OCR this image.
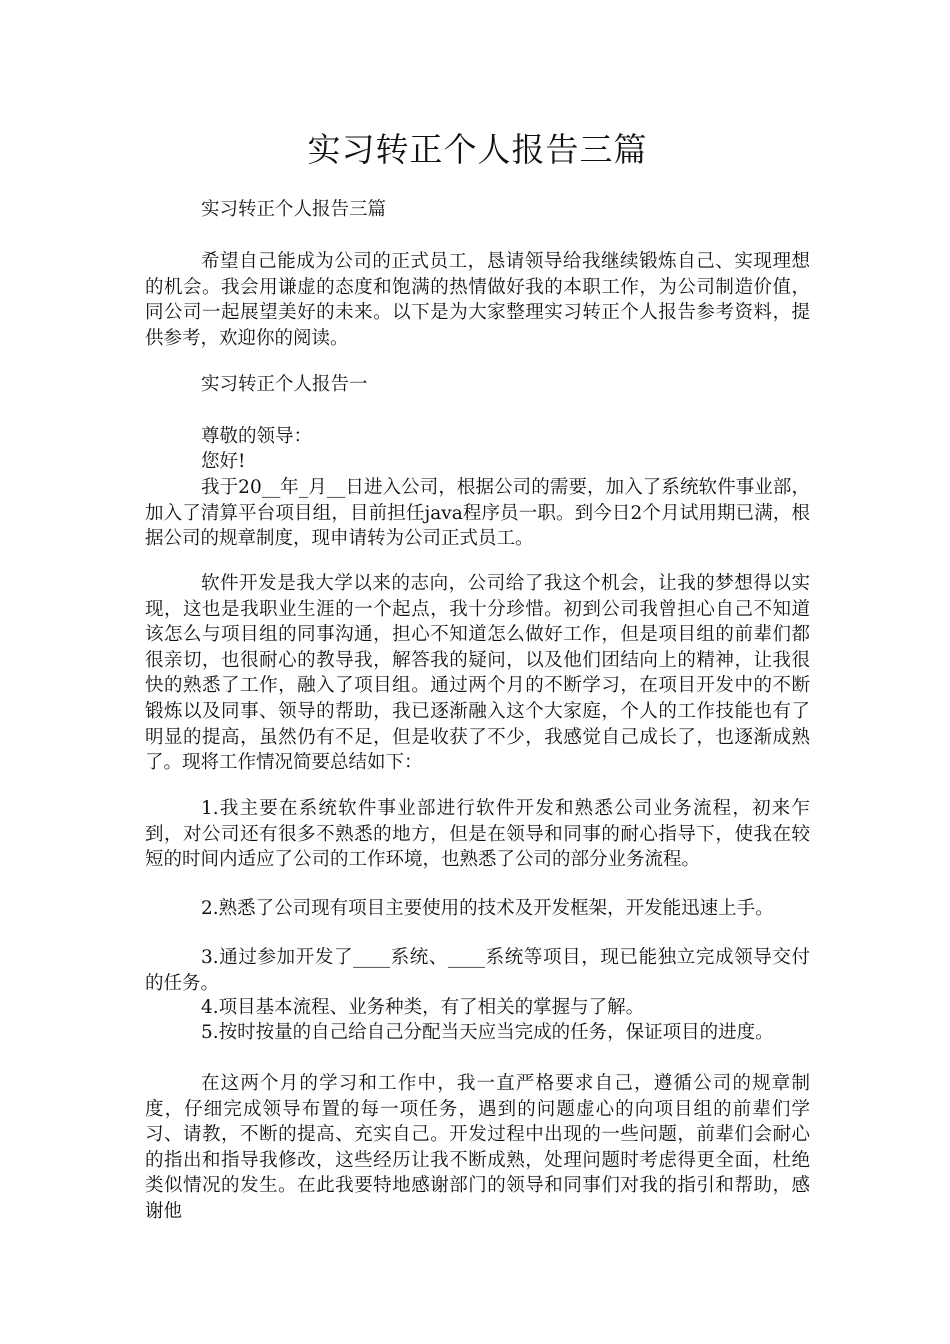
实习转正个人报告三篇

实习转正个人报告三篇

希望自己能成为公司的正式员工，恳请领导给我继续锻炼自己、实现理想的机会。我会用谦虚的态度和饱满的热情做好我的本职工作，为公司制造价值，同公司一起展望美好的未来。以下是为大家整理实习转正个人报告参考资料，提供参考，欢迎你的阅读。

实习转正个人报告一

尊敬的领导：

您好!

我于20__年_月__日进入公司，根据公司的需要，加入了系统软件事业部，加入了清算平台项目组，目前担任java程序员一职。到今日2个月试用期已满，根据公司的规章制度，现申请转为公司正式员工。

软件开发是我大学以来的志向，公司给了我这个机会，让我的梦想得以实现，这也是我职业生涯的一个起点，我十分珍惜。初到公司我曾担心自己不知道该怎么与项目组的同事沟通，担心不知道怎么做好工作，但是项目组的前辈们都很亲切，也很耐心的教导我，解答我的疑问，以及他们团结向上的精神，让我很快的熟悉了工作，融入了项目组。通过两个月的不断学习，在项目开发中的不断锻炼以及同事、领导的帮助，我已逐渐融入这个大家庭，个人的工作技能也有了明显的提高，虽然仍有不足，但是收获了不少，我感觉自己成长了，也逐渐成熟了。现将工作情况简要总结如下：

1.我主要在系统软件事业部进行软件开发和熟悉公司业务流程，初来乍到，对公司还有很多不熟悉的地方，但是在领导和同事的耐心指导下，使我在较短的时间内适应了公司的工作环境，也熟悉了公司的部分业务流程。

2.熟悉了公司现有项目主要使用的技术及开发框架，开发能迅速上手。

3.通过参加开发了____系统、____系统等项目，现已能独立完成领导交付的任务。

4.项目基本流程、业务种类，有了相关的掌握与了解。

5.按时按量的自己给自己分配当天应当完成的任务，保证项目的进度。

在这两个月的学习和工作中，我一直严格要求自己，遵循公司的规章制度，仔细完成领导布置的每一项任务，遇到的问题虚心的向项目组的前辈们学习、请教，不断的提高、充实自己。开发过程中出现的一些问题，前辈们会耐心的指出和指导我修改，这些经历让我不断成熟，处理问题时考虑得更全面，杜绝类似情况的发生。在此我要特地感谢部门的领导和同事们对我的指引和帮助，感谢他
